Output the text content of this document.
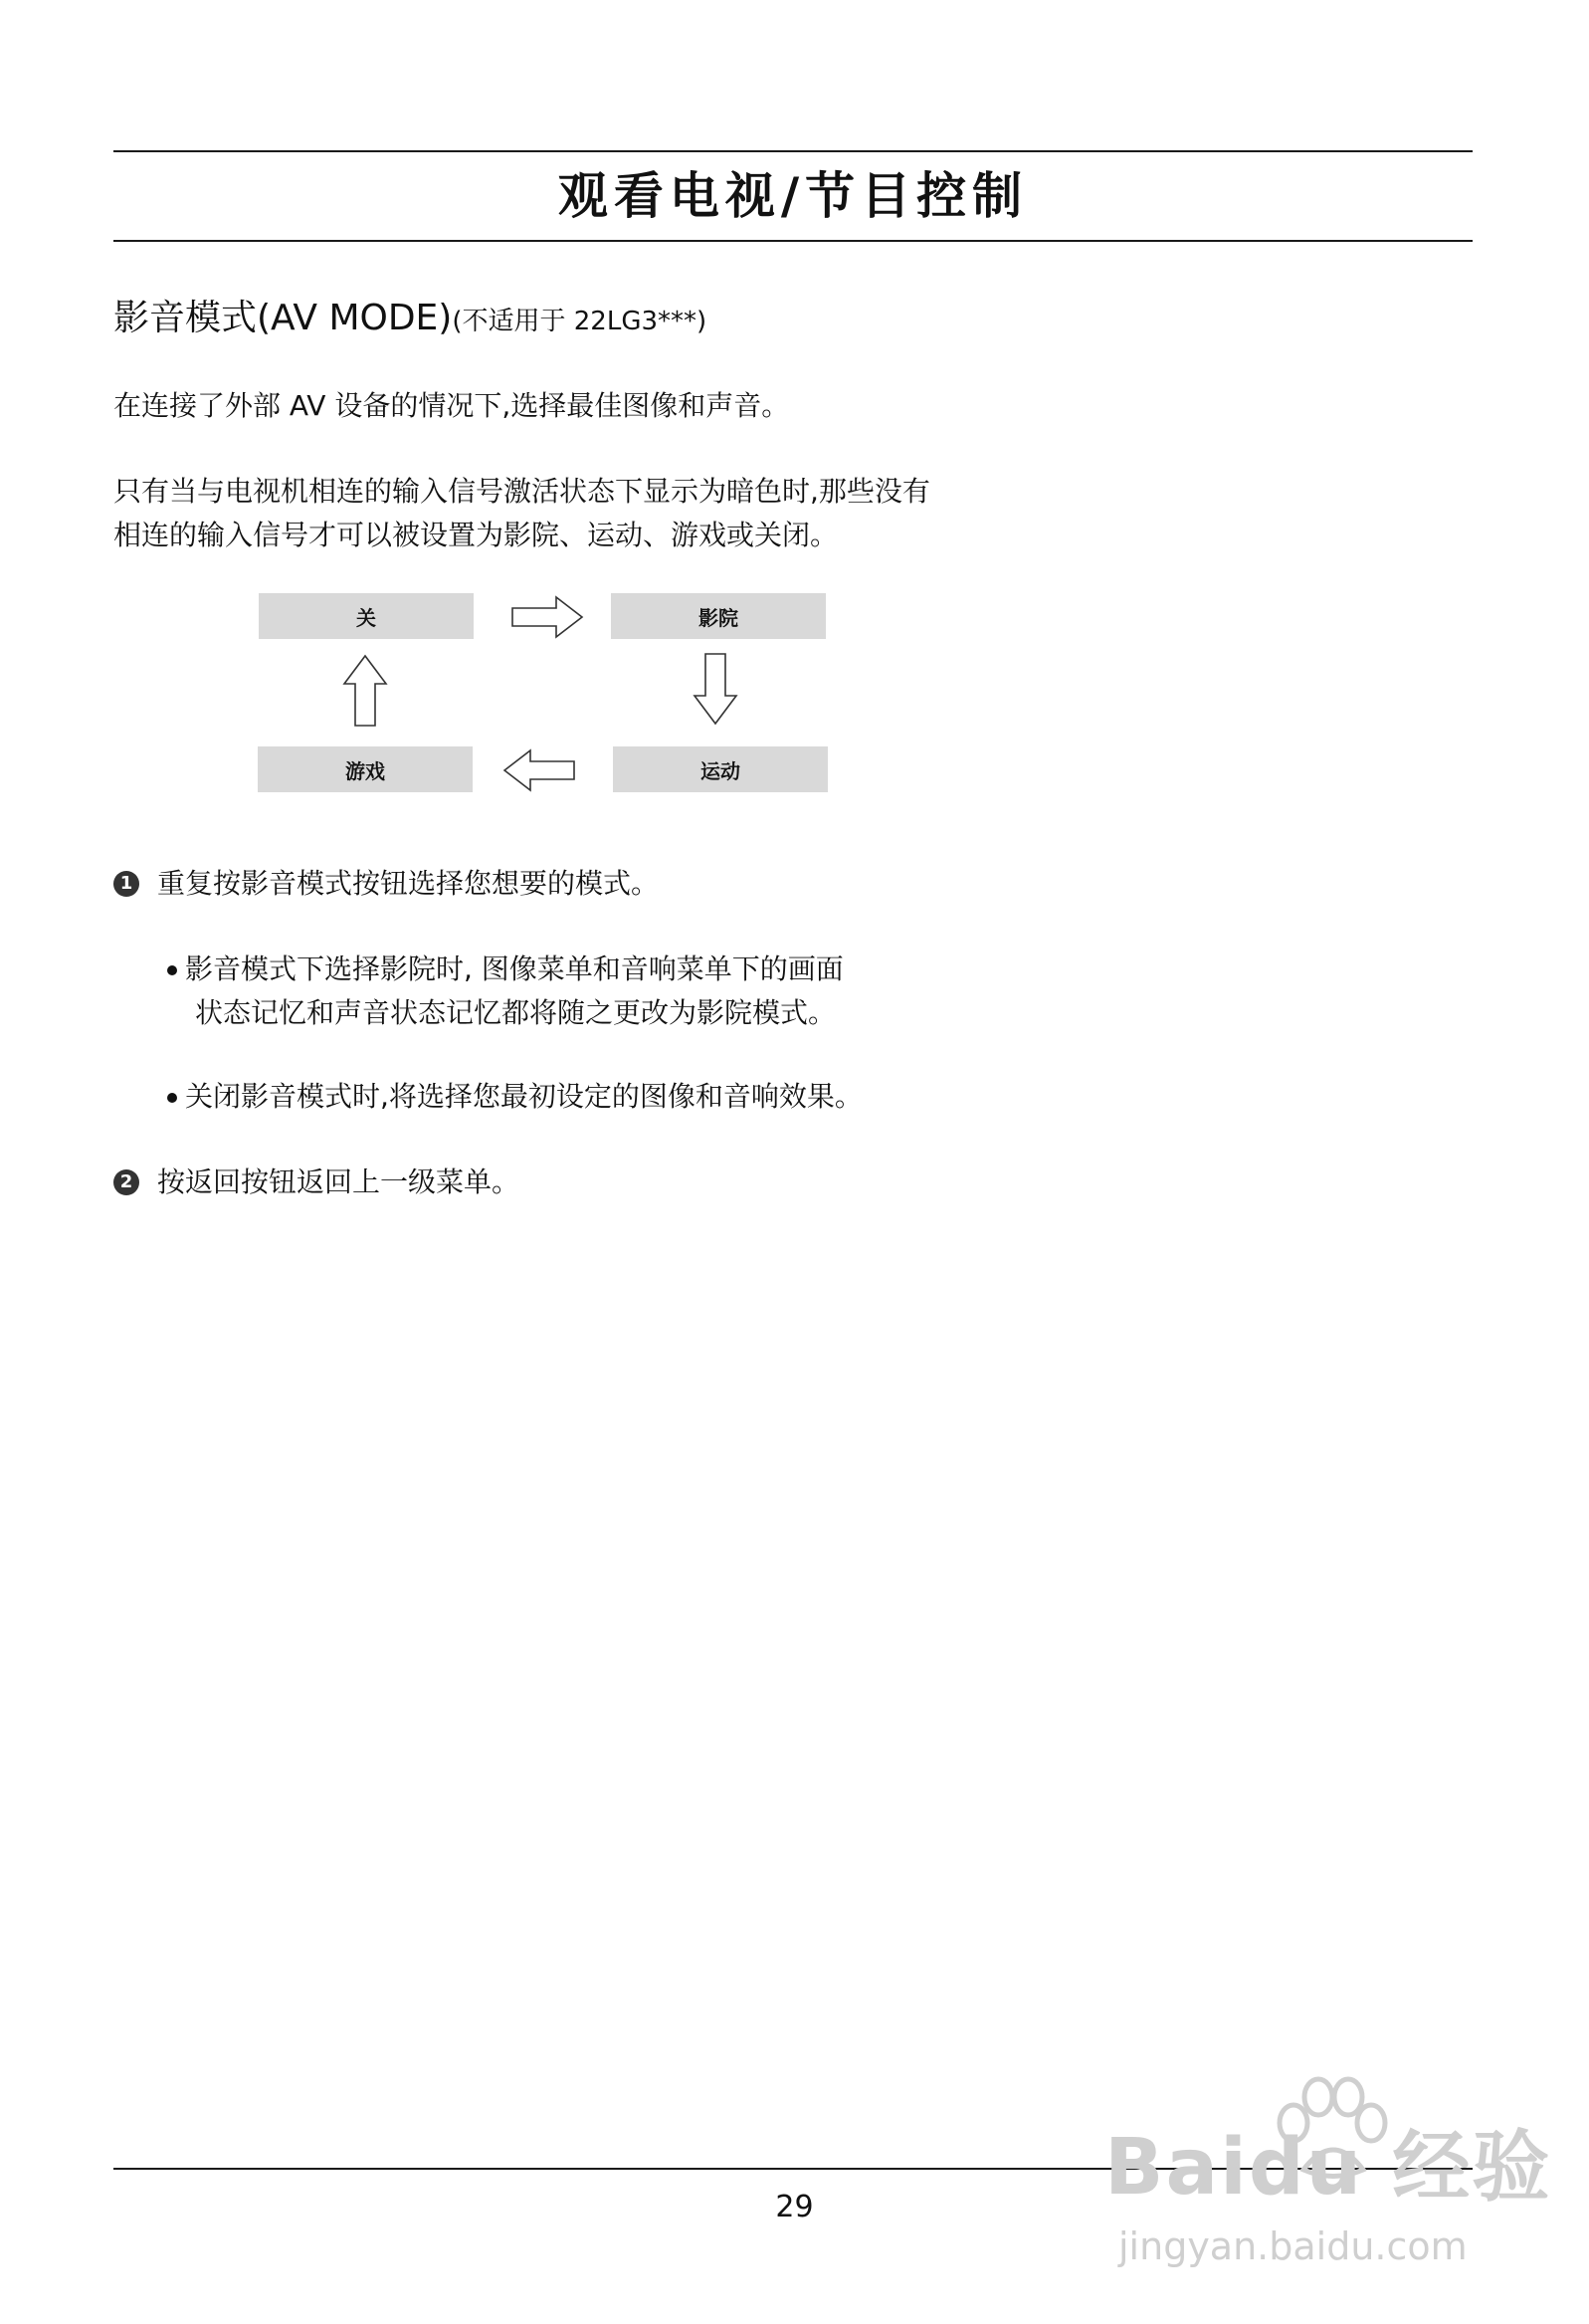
观看电视/节目控制
影音模式(AV MODE)(不适用于 22LG3***)
在连接了外部 AV 设备的情况下,选择最佳图像和声音。
只有当与电视机相连的输入信号激活状态下显示为暗色时,那些没有
相连的输入信号才可以被设置为影院、运动、游戏或关闭。
关	影院
游戏	运动
1 重复按影音模式按钮选择您想要的模式。
影音模式下选择影院时, 图像菜单和音响菜单下的画面
状态记忆和声音状态记忆都将随之更改为影院模式。
关闭影音模式时,将选择您最初设定的图像和音响效果。
2 按返回按钮返回上一级菜单。
29	Baidu 经验
jingyan.baidu.com
